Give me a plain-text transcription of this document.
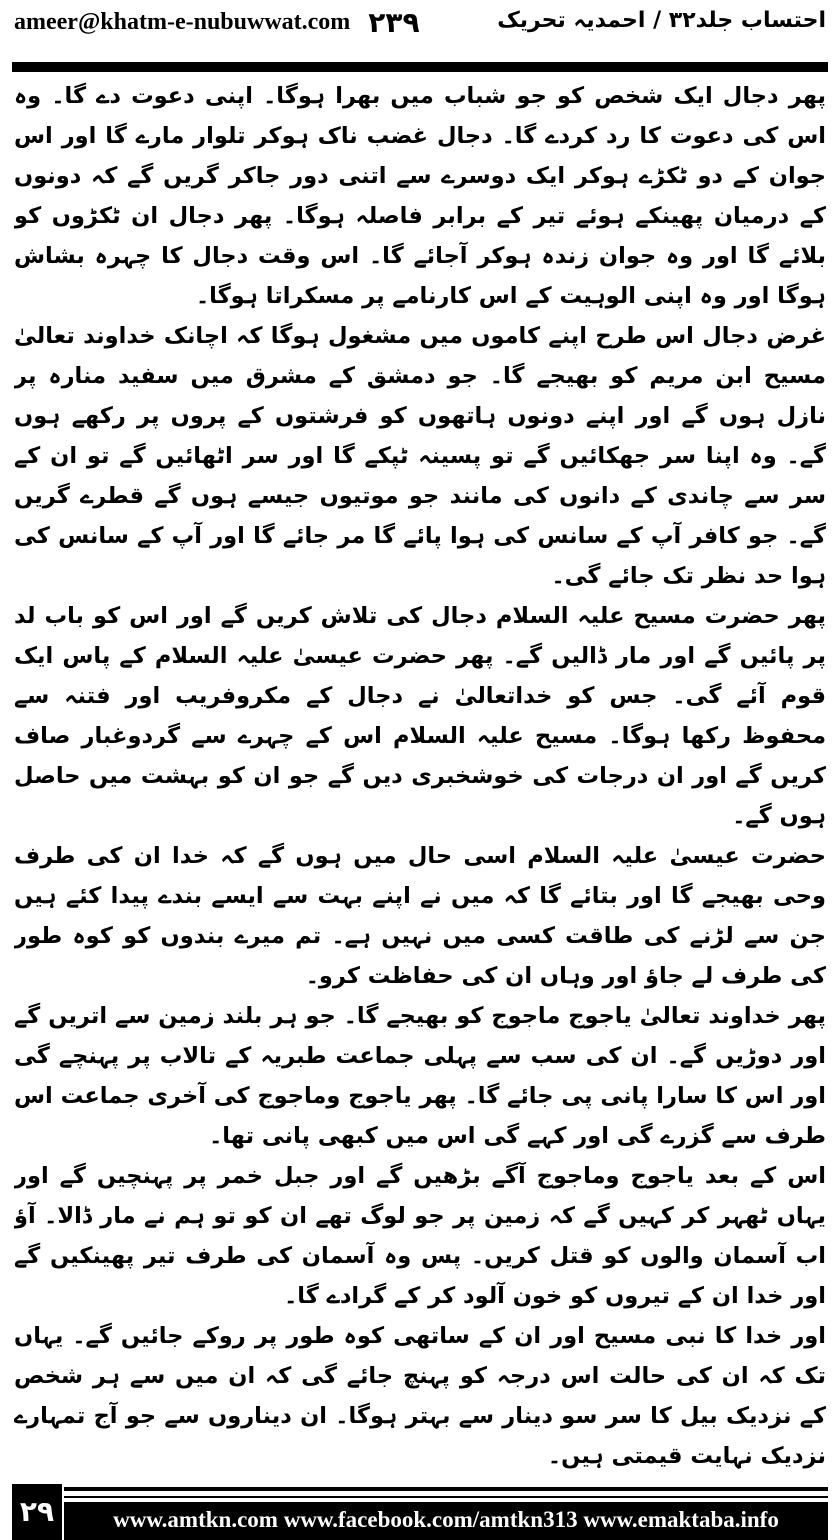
ameer@khatm-e-nubuwwat.com ۲۳۹	احتساب جلد۳۲ / احمدیہ تحریک

پھر دجال ایک شخص کو جو شباب میں بھرا ہوگا۔ اپنی دعوت دے گا۔ وہ اس کی دعوت کا رد کردے گا۔ دجال غضب ناک ہوکر تلوار مارے گا اور اس جوان کے دو ٹکڑے ہوکر ایک دوسرے سے اتنی دور جاکر گریں گے کہ دونوں کے درمیان پھینکے ہوئے تیر کے برابر فاصلہ ہوگا۔ پھر دجال ان ٹکڑوں کو بلائے گا اور وہ جوان زندہ ہوکر آجائے گا۔ اس وقت دجال کا چہرہ بشاش ہوگا اور وہ اپنی الوہیت کے اس کارنامے پر مسکراتا ہوگا۔

غرض دجال اس طرح اپنے کاموں میں مشغول ہوگا کہ اچانک خداوند تعالیٰ مسیح ابن مریم کو بھیجے گا۔ جو دمشق کے مشرق میں سفید منارہ پر نازل ہوں گے اور اپنے دونوں ہاتھوں کو فرشتوں کے پروں پر رکھے ہوں گے۔ وہ اپنا سر جھکائیں گے تو پسینہ ٹپکے گا اور سر اٹھائیں گے تو ان کے سر سے چاندی کے دانوں کی مانند جو موتیوں جیسے ہوں گے قطرے گریں گے۔ جو کافر آپ کے سانس کی ہوا پائے گا مر جائے گا اور آپ کے سانس کی ہوا حد نظر تک جائے گی۔

پھر حضرت مسیح علیہ السلام دجال کی تلاش کریں گے اور اس کو باب لد پر پائیں گے اور مار ڈالیں گے۔ پھر حضرت عیسیٰ علیہ السلام کے پاس ایک قوم آئے گی۔ جس کو خداتعالیٰ نے دجال کے مکروفریب اور فتنہ سے محفوظ رکھا ہوگا۔ مسیح علیہ السلام اس کے چہرے سے گردوغبار صاف کریں گے اور ان درجات کی خوشخبری دیں گے جو ان کو بہشت میں حاصل ہوں گے۔

حضرت عیسیٰ علیہ السلام اسی حال میں ہوں گے کہ خدا ان کی طرف وحی بھیجے گا اور بتائے گا کہ میں نے اپنے بہت سے ایسے بندے پیدا کئے ہیں جن سے لڑنے کی طاقت کسی میں نہیں ہے۔ تم میرے بندوں کو کوہ طور کی طرف لے جاؤ اور وہاں ان کی حفاظت کرو۔

پھر خداوند تعالیٰ یاجوج ماجوج کو بھیجے گا۔ جو ہر بلند زمین سے اتریں گے اور دوڑیں گے۔ ان کی سب سے پہلی جماعت طبریہ کے تالاب پر پہنچے گی اور اس کا سارا پانی پی جائے گا۔ پھر یاجوج وماجوج کی آخری جماعت اس طرف سے گزرے گی اور کہے گی اس میں کبھی پانی تھا۔

اس کے بعد یاجوج وماجوج آگے بڑھیں گے اور جبل خمر پر پہنچیں گے اور یہاں ٹھہر کر کہیں گے کہ زمین پر جو لوگ تھے ان کو تو ہم نے مار ڈالا۔ آؤ اب آسمان والوں کو قتل کریں۔ پس وہ آسمان کی طرف تیر پھینکیں گے اور خدا ان کے تیروں کو خون آلود کر کے گرادے گا۔

اور خدا کا نبی مسیح اور ان کے ساتھی کوہ طور پر روکے جائیں گے۔ یہاں تک کہ ان کی حالت اس درجہ کو پہنچ جائے گی کہ ان میں سے ہر شخص کے نزدیک بیل کا سر سو دینار سے بہتر ہوگا۔ ان دیناروں سے جو آج تمہارے نزدیک نہایت قیمتی ہیں۔

۲۹	www.amtkn.com www.facebook.com/amtkn313 www.emaktaba.info
